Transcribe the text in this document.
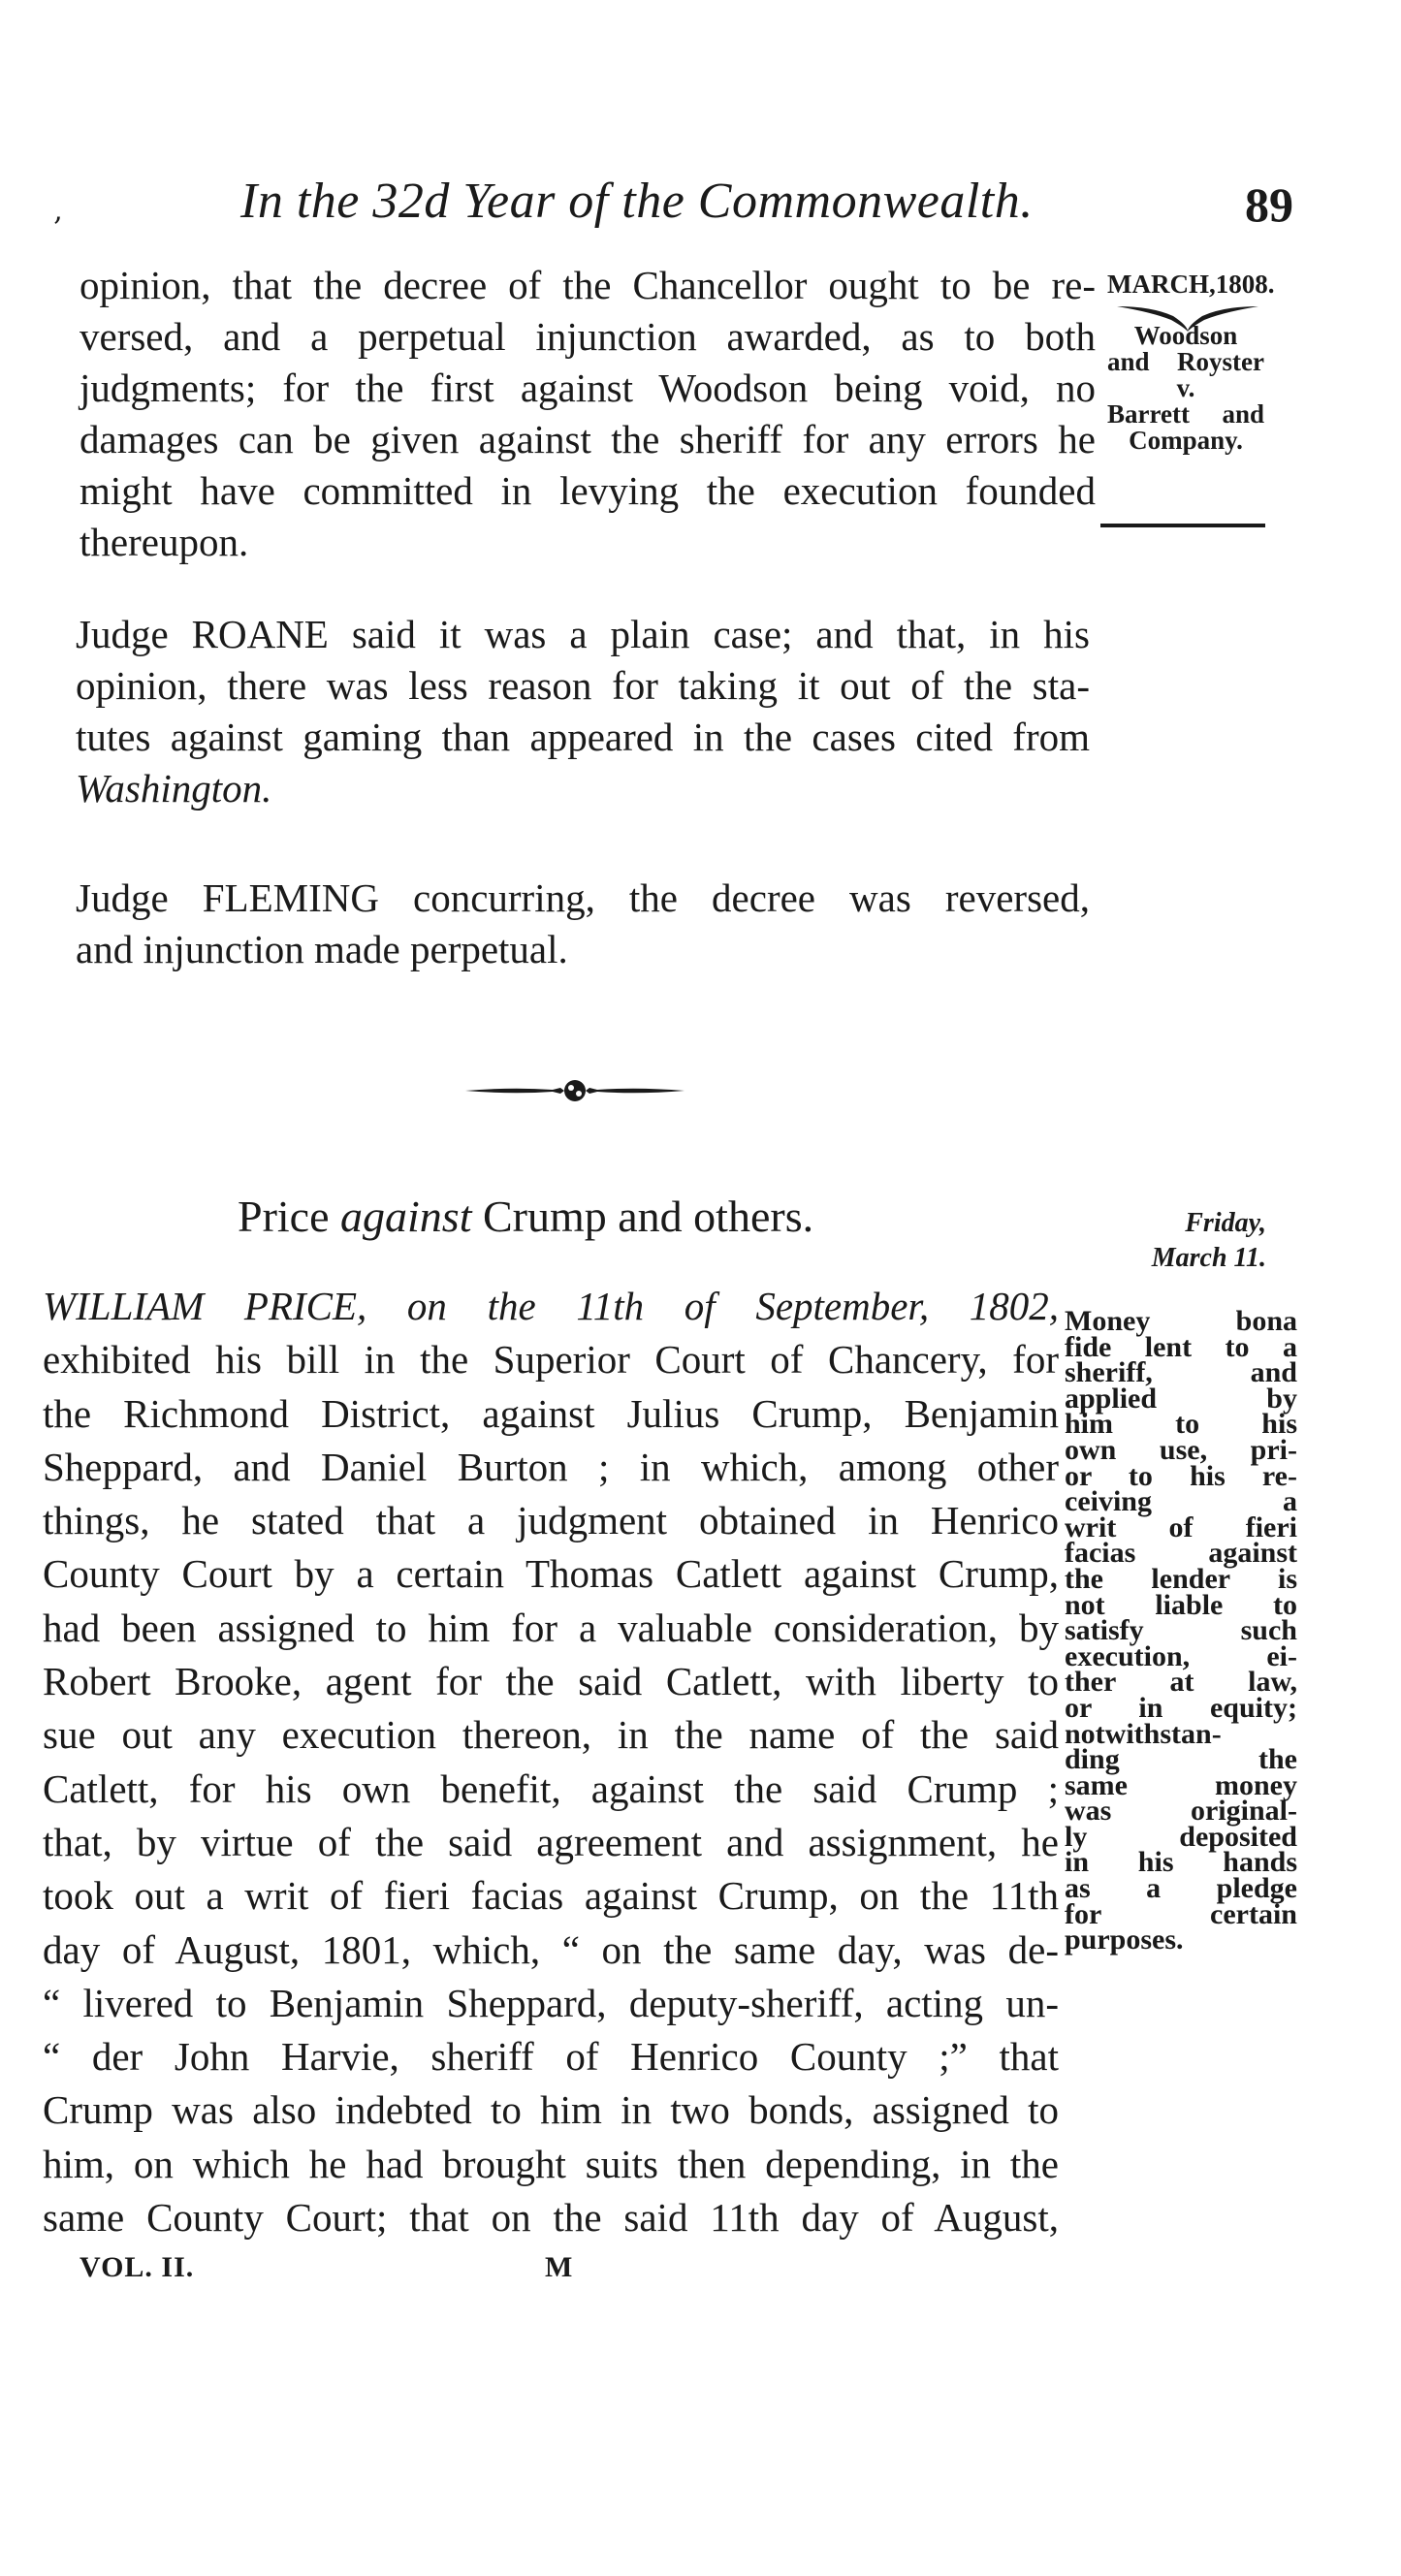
‚	In the 32d Year of the Commonwealth.	89
opinion, that the decree of the Chancellor ought to be re-
versed, and a perpetual injunction awarded, as to both
judgments; for the first against Woodson being void, no
damages can be given against the sheriff for any errors he
might have committed in levying the execution founded
thereupon.
MARCH,1808.
Woodson
and Royster
v.
Barrett and
Company.
Judge ROANE said it was a plain case; and that, in his
opinion, there was less reason for taking it out of the sta-
tutes against gaming than appeared in the cases cited from
Washington.
Judge FLEMING concurring, the decree was reversed,
and injunction made perpetual.
Price against Crump and others.	Friday,
March 11.
WILLIAM PRICE, on the 11th of September, 1802,
exhibited his bill in the Superior Court of Chancery, for
the Richmond District, against Julius Crump, Benjamin
Sheppard, and Daniel Burton ; in which, among other
things, he stated that a judgment obtained in Henrico
County Court by a certain Thomas Catlett against Crump,
had been assigned to him for a valuable consideration, by
Robert Brooke, agent for the said Catlett, with liberty to
sue out any execution thereon, in the name of the said
Catlett, for his own benefit, against the said Crump ;
that, by virtue of the said agreement and assignment, he
took out a writ of fieri facias against Crump, on the 11th
day of August, 1801, which, “ on the same day, was de-
“ livered to Benjamin Sheppard, deputy-sheriff, acting un-
“ der John Harvie, sheriff of Henrico County ;” that
Crump was also indebted to him in two bonds, assigned to
him, on which he had brought suits then depending, in the
same County Court; that on the said 11th day of August,
Money bona
fide lent to a
sheriff, and
applied by
him to his
own use, pri-
or to his re-
ceiving a
writ of fieri
facias against
the lender is
not liable to
satisfy such
execution, ei-
ther at law,
or in equity;
notwithstan-
ding the
same money
was original-
ly deposited
in his hands
as a pledge
for certain
purposes.
VOL. II.	M
